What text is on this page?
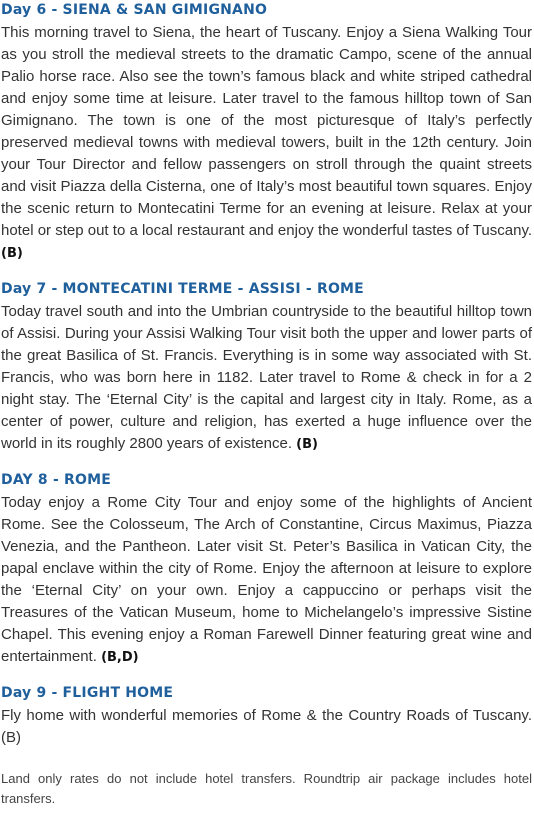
Day 6 - SIENA & SAN GIMIGNANO

This morning travel to Siena, the heart of Tuscany. Enjoy a Siena Walking Tour as you stroll the medieval streets to the dramatic Campo, scene of the annual Palio horse race. Also see the town’s famous black and white striped cathedral and enjoy some time at leisure. Later travel to the famous hilltop town of San Gimignano. The town is one of the most picturesque of Italy’s perfectly preserved medieval towns with medieval towers, built in the 12th century. Join your Tour Director and fellow passengers on stroll through the quaint streets and visit Piazza della Cisterna, one of Italy’s most beautiful town squares. Enjoy the scenic return to Montecatini Terme for an evening at leisure. Relax at your hotel or step out to a local restaurant and enjoy the wonderful tastes of Tuscany. (B)

Day 7 - MONTECATINI TERME - ASSISI - ROME

Today travel south and into the Umbrian countryside to the beautiful hilltop town of Assisi. During your Assisi Walking Tour visit both the upper and lower parts of the great Basilica of St. Francis. Everything is in some way associated with St. Francis, who was born here in 1182. Later travel to Rome & check in for a 2 night stay. The ‘Eternal City’ is the capital and largest city in Italy. Rome, as a center of power, culture and religion, has exerted a huge influence over the world in its roughly 2800 years of existence. (B)

DAY 8 - ROME

Today enjoy a Rome City Tour and enjoy some of the highlights of Ancient Rome. See the Colosseum, The Arch of Constantine, Circus Maximus, Piazza Venezia, and the Pantheon. Later visit St. Peter’s Basilica in Vatican City, the papal enclave within the city of Rome. Enjoy the afternoon at leisure to explore the ‘Eternal City’ on your own. Enjoy a cappuccino or perhaps visit the Treasures of the Vatican Museum, home to Michelangelo’s impressive Sistine Chapel. This evening enjoy a Roman Farewell Dinner featuring great wine and entertainment. (B,D)

Day 9 - FLIGHT HOME

Fly home with wonderful memories of Rome & the Country Roads of Tuscany. (B)

Land only rates do not include hotel transfers. Roundtrip air package includes hotel transfers.
